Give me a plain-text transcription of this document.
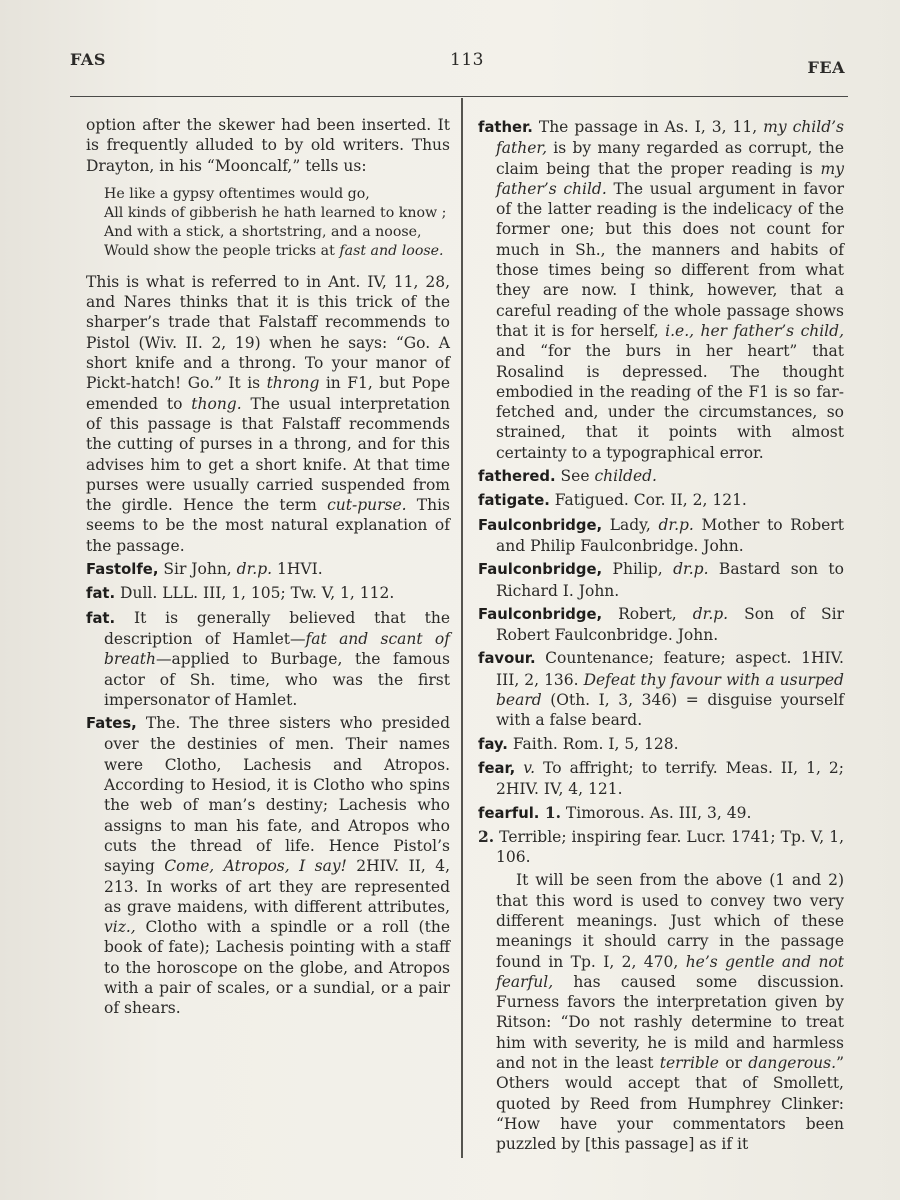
FAS	113	FEA

option after the skewer had been inserted. It is frequently alluded to by old writers. Thus Drayton, in his “Mooncalf,” tells us:

He like a gypsy oftentimes would go,

All kinds of gibberish he hath learned to know ;

And with a stick, a shortstring, and a noose,

Would show the people tricks at fast and loose.

This is what is referred to in Ant. IV, 11, 28, and Nares thinks that it is this trick of the sharper’s trade that Falstaff recommends to Pistol (Wiv. II. 2, 19) when he says: “Go. A short knife and a throng. To your manor of Pickt-hatch! Go.” It is throng in F1, but Pope emended to thong. The usual interpretation of this passage is that Falstaff recommends the cutting of purses in a throng, and for this advises him to get a short knife. At that time purses were usually carried suspended from the girdle. Hence the term cut-purse. This seems to be the most natural explanation of the passage.

Fastolfe, Sir John, dr.p. 1HVI.

fat. Dull. LLL. III, 1, 105; Tw. V, 1, 112.

fat. It is generally believed that the description of Hamlet—fat and scant of breath—applied to Burbage, the famous actor of Sh. time, who was the first impersonator of Hamlet.

Fates, The. The three sisters who presided over the destinies of men. Their names were Clotho, Lachesis and Atropos. According to Hesiod, it is Clotho who spins the web of man’s destiny; Lachesis who assigns to man his fate, and Atropos who cuts the thread of life. Hence Pistol’s saying Come, Atropos, I say! 2HIV. II, 4, 213. In works of art they are represented as grave maidens, with different attributes, viz., Clotho with a spindle or a roll (the book of fate); Lachesis pointing with a staff to the horoscope on the globe, and Atropos with a pair of scales, or a sundial, or a pair of shears.

father. The passage in As. I, 3, 11, my child’s father, is by many regarded as corrupt, the claim being that the proper reading is my father’s child. The usual argument in favor of the latter reading is the indelicacy of the former one; but this does not count for much in Sh., the manners and habits of those times being so different from what they are now. I think, however, that a careful reading of the whole passage shows that it is for herself, i.e., her father’s child, and “for the burs in her heart” that Rosalind is depressed. The thought embodied in the reading of the F1 is so far-fetched and, under the circumstances, so strained, that it points with almost certainty to a typographical error.

fathered. See childed.

fatigate. Fatigued. Cor. II, 2, 121.

Faulconbridge, Lady, dr.p. Mother to Robert and Philip Faulconbridge. John.

Faulconbridge, Philip, dr.p. Bastard son to Richard I. John.

Faulconbridge, Robert, dr.p. Son of Sir Robert Faulconbridge. John.

favour. Countenance; feature; aspect. 1HIV. III, 2, 136. Defeat thy favour with a usurped beard (Oth. I, 3, 346) = disguise yourself with a false beard.

fay. Faith. Rom. I, 5, 128.

fear, v. To affright; to terrify. Meas. II, 1, 2; 2HIV. IV, 4, 121.

fearful. 1. Timorous. As. III, 3, 49.

2. Terrible; inspiring fear. Lucr. 1741; Tp. V, 1, 106.

It will be seen from the above (1 and 2) that this word is used to convey two very different meanings. Just which of these meanings it should carry in the passage found in Tp. I, 2, 470, he’s gentle and not fearful, has caused some discussion. Furness favors the interpretation given by Ritson: “Do not rashly determine to treat him with severity, he is mild and harmless and not in the least terrible or dangerous.” Others would accept that of Smollett, quoted by Reed from Humphrey Clinker: “How have your commentators been puzzled by [this passage] as if it
